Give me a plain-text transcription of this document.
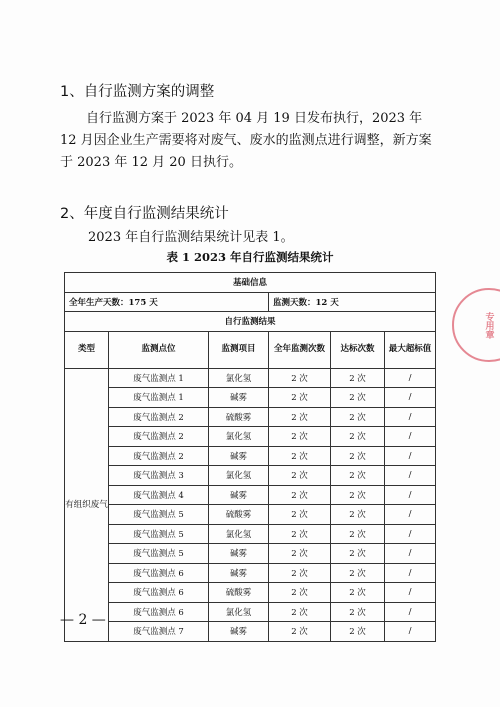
1、自行监测方案的调整
自行监测方案于 2023 年 04 月 19 日发布执行，2023 年 12 月因企业生产需要将对废气、废水的监测点进行调整，新方案于 2023 年 12 月 20 日执行。
2、年度自行监测结果统计
2023 年自行监测结果统计见表 1。
表 1 2023 年自行监测结果统计
基础信息					
全年生产天数：175 天			监测天数：12 天		
自行监测结果					
类型	监测点位	监测项目	全年监测次数	达标次数	最大超标值
有组织废气	废气监测点 1	氯化氢	2 次	2 次	/
	废气监测点 1	碱雾	2 次	2 次	/
	废气监测点 2	硫酸雾	2 次	2 次	/
	废气监测点 2	氯化氢	2 次	2 次	/
	废气监测点 2	碱雾	2 次	2 次	/
	废气监测点 3	氯化氢	2 次	2 次	/
	废气监测点 4	碱雾	2 次	2 次	/
	废气监测点 5	硫酸雾	2 次	2 次	/
	废气监测点 5	氯化氢	2 次	2 次	/
	废气监测点 5	碱雾	2 次	2 次	/
	废气监测点 6	碱雾	2 次	2 次	/
	废气监测点 6	硫酸雾	2 次	2 次	/
	废气监测点 6	氯化氢	2 次	2 次	/
	废气监测点 7	碱雾	2 次	2 次	/
专用章
— 2 —
